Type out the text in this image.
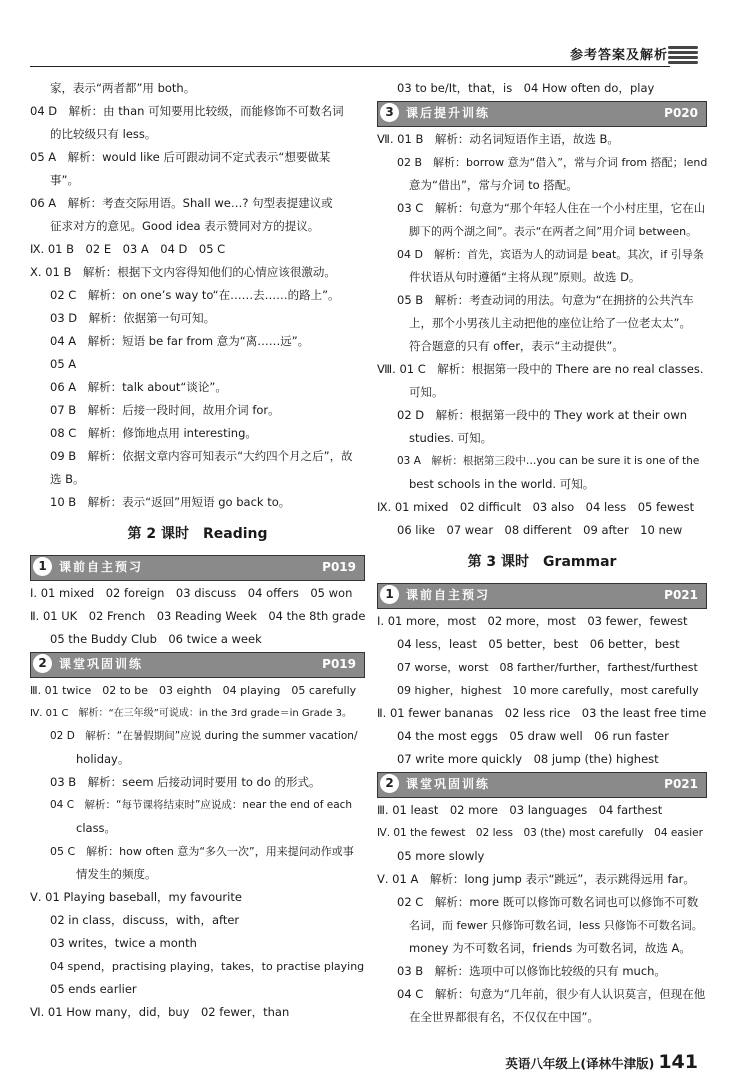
参考答案及解析
家，表示“两者都”用 both。
04 D　解析：由 than 可知要用比较级，而能修饰不可数名词
的比较级只有 less。
05 A　解析：would like 后可跟动词不定式表示“想要做某
事”。
06 A　解析：考查交际用语。Shall we…? 句型表提建议或
征求对方的意见。Good idea 表示赞同对方的提议。
Ⅸ. 01 B　02 E　03 A　04 D　05 C
Ⅹ. 01 B　解析：根据下文内容得知他们的心情应该很激动。
02 C　解析：on one’s way to“在……去……的路上”。
03 D　解析：依据第一句可知。
04 A　解析：短语 be far from 意为“离……远”。
05 A
06 A　解析：talk about“谈论”。
07 B　解析：后接一段时间，故用介词 for。
08 C　解析：修饰地点用 interesting。
09 B　解析：依据文章内容可知表示“大约四个月之后”，故
选 B。
10 B　解析：表示“返回”用短语 go back to。
第 2 课时　Reading
1	课前自主预习	P019
Ⅰ. 01 mixed　02 foreign　03 discuss　04 offers　05 won
Ⅱ. 01 UK　02 French　03 Reading Week　04 the 8th grade
05 the Buddy Club　06 twice a week
2	课堂巩固训练	P019
Ⅲ. 01 twice　02 to be　03 eighth　04 playing　05 carefully
Ⅳ. 01 C　解析：“在三年级”可说成：in the 3rd grade＝in Grade 3。
02 D　解析：“在暑假期间”应说 during the summer vacation/
holiday。
03 B　解析：seem 后接动词时要用 to do 的形式。
04 C　解析：“每节课将结束时”应说成：near the end of each
class。
05 C　解析：how often 意为“多久一次”，用来提问动作或事
情发生的频度。
Ⅴ. 01 Playing baseball，my favourite
02 in class，discuss，with，after
03 writes，twice a month
04 spend，practising playing，takes，to practise playing
05 ends earlier
Ⅵ. 01 How many，did，buy　02 fewer，than
03 to be/It，that，is　04 How often do，play
3	课后提升训练	P020
Ⅶ. 01 B　解析：动名词短语作主语，故选 B。
02 B　解析：borrow 意为“借入”，常与介词 from 搭配；lend
意为“借出”，常与介词 to 搭配。
03 C　解析：句意为“那个年轻人住在一个小村庄里，它在山
脚下的两个湖之间”。表示“在两者之间”用介词 between。
04 D　解析：首先，宾语为人的动词是 beat。其次，if 引导条
件状语从句时遵循“主将从现”原则。故选 D。
05 B　解析：考查动词的用法。句意为“在拥挤的公共汽车
上，那个小男孩儿主动把他的座位让给了一位老太太”。
符合题意的只有 offer，表示“主动提供”。
Ⅷ. 01 C　解析：根据第一段中的 There are no real classes.
可知。
02 D　解析：根据第一段中的 They work at their own
studies. 可知。
03 A　解析：根据第三段中…you can be sure it is one of the
best schools in the world. 可知。
Ⅸ. 01 mixed　02 difficult　03 also　04 less　05 fewest
06 like　07 wear　08 different　09 after　10 new
第 3 课时　Grammar
1	课前自主预习	P021
Ⅰ. 01 more，most　02 more，most　03 fewer，fewest
04 less，least　05 better，best　06 better，best
07 worse，worst　08 farther/further，farthest/furthest
09 higher，highest　10 more carefully，most carefully
Ⅱ. 01 fewer bananas　02 less rice　03 the least free time
04 the most eggs　05 draw well　06 run faster
07 write more quickly　08 jump (the) highest
2	课堂巩固训练	P021
Ⅲ. 01 least　02 more　03 languages　04 farthest
Ⅳ. 01 the fewest　02 less　03 (the) most carefully　04 easier
05 more slowly
Ⅴ. 01 A　解析：long jump 表示“跳远”，表示跳得远用 far。
02 C　解析：more 既可以修饰可数名词也可以修饰不可数
名词，而 fewer 只修饰可数名词，less 只修饰不可数名词。
money 为不可数名词，friends 为可数名词，故选 A。
03 B　解析：选项中可以修饰比较级的只有 much。
04 C　解析：句意为“几年前，很少有人认识莫言，但现在他
在全世界都很有名，不仅仅在中国”。
英语八年级上(译林牛津版) 141
